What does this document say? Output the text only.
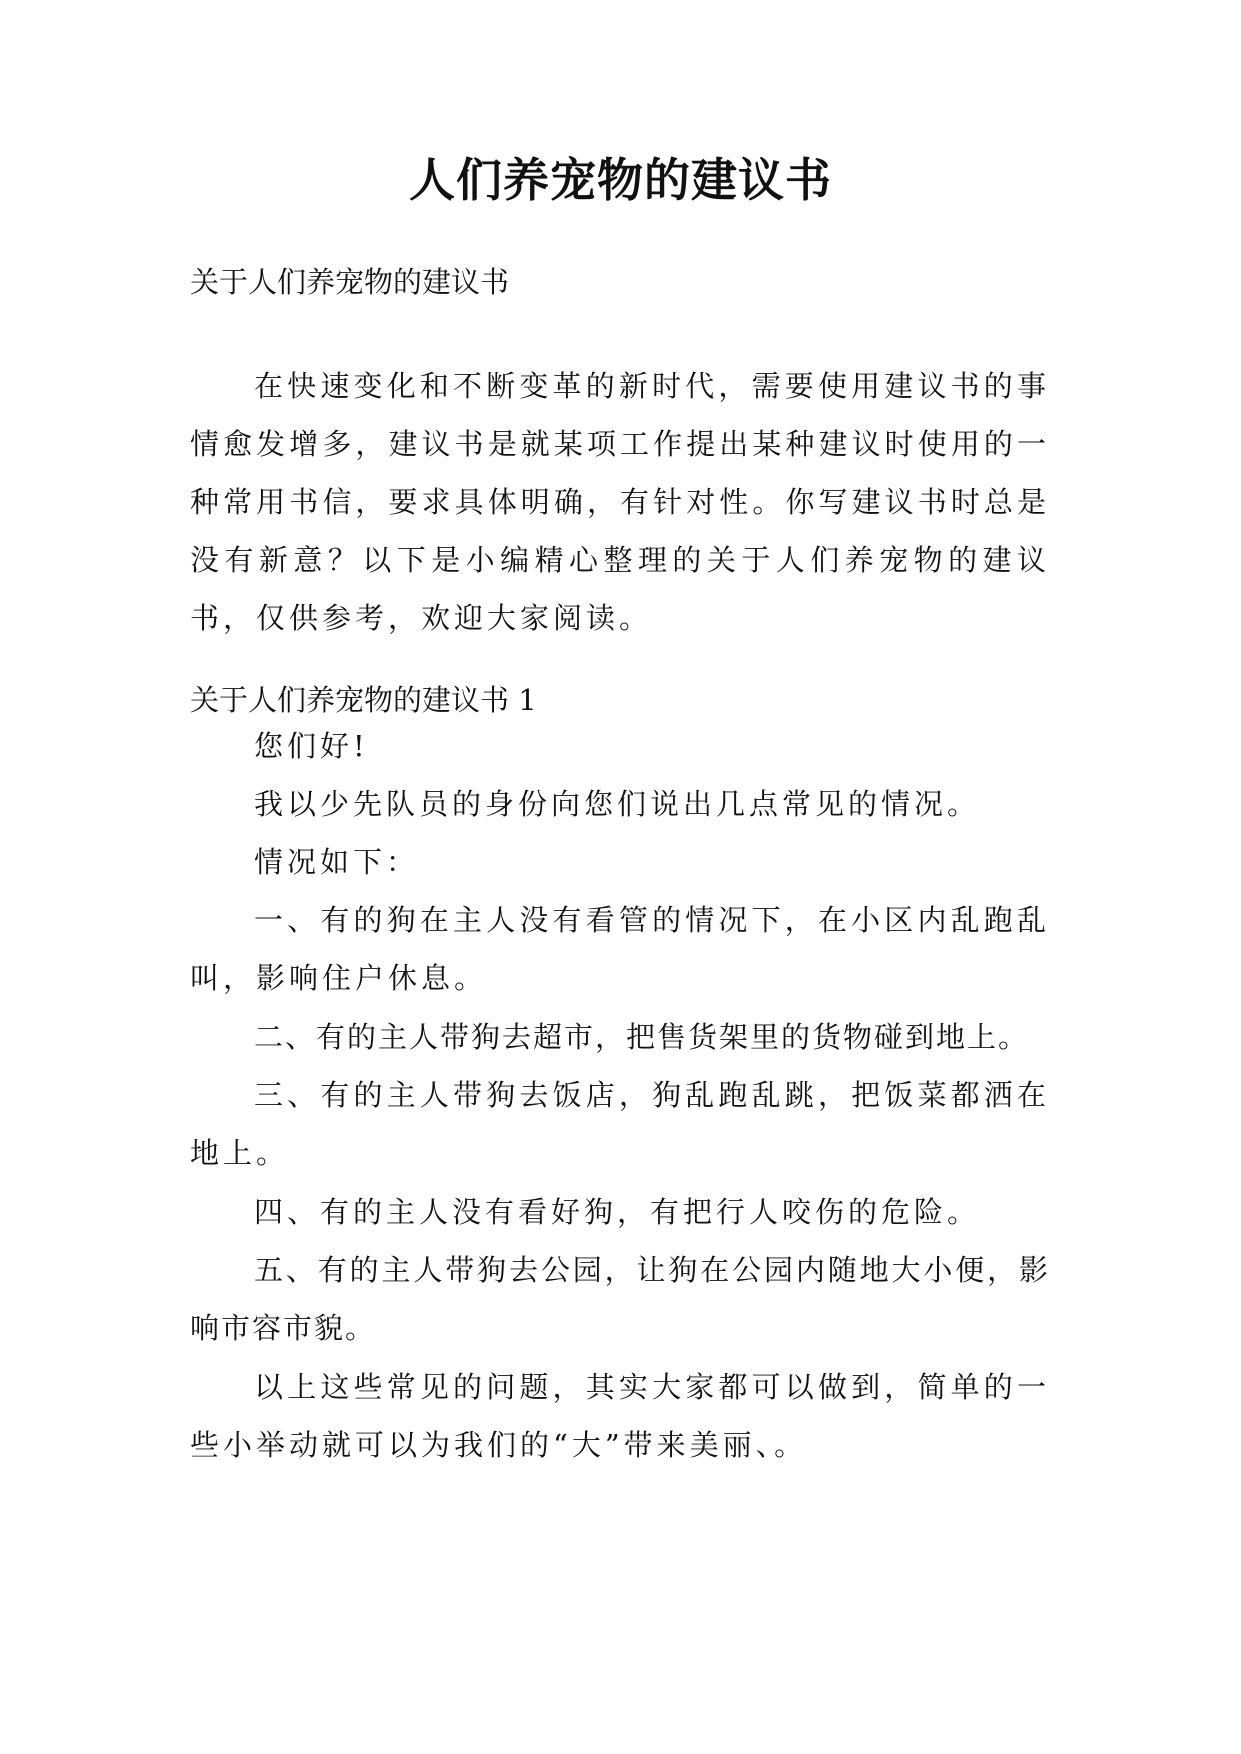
人们养宠物的建议书
关于人们养宠物的建议书
在快速变化和不断变革的新时代，需要使用建议书的事情愈发增多，建议书是就某项工作提出某种建议时使用的一种常用书信，要求具体明确，有针对性。你写建议书时总是没有新意？以下是小编精心整理的关于人们养宠物的建议书，仅供参考，欢迎大家阅读。
关于人们养宠物的建议书 1
您们好!
我以少先队员的身份向您们说出几点常见的情况。
情况如下：
一、有的狗在主人没有看管的情况下，在小区内乱跑乱叫，影响住户休息。
二、有的主人带狗去超市，把售货架里的货物碰到地上。
三、有的主人带狗去饭店，狗乱跑乱跳，把饭菜都洒在地上。
四、有的主人没有看好狗，有把行人咬伤的危险。
五、有的主人带狗去公园，让狗在公园内随地大小便，影响市容市貌。
以上这些常见的问题，其实大家都可以做到，简单的一些小举动就可以为我们的“大”带来美丽、。
